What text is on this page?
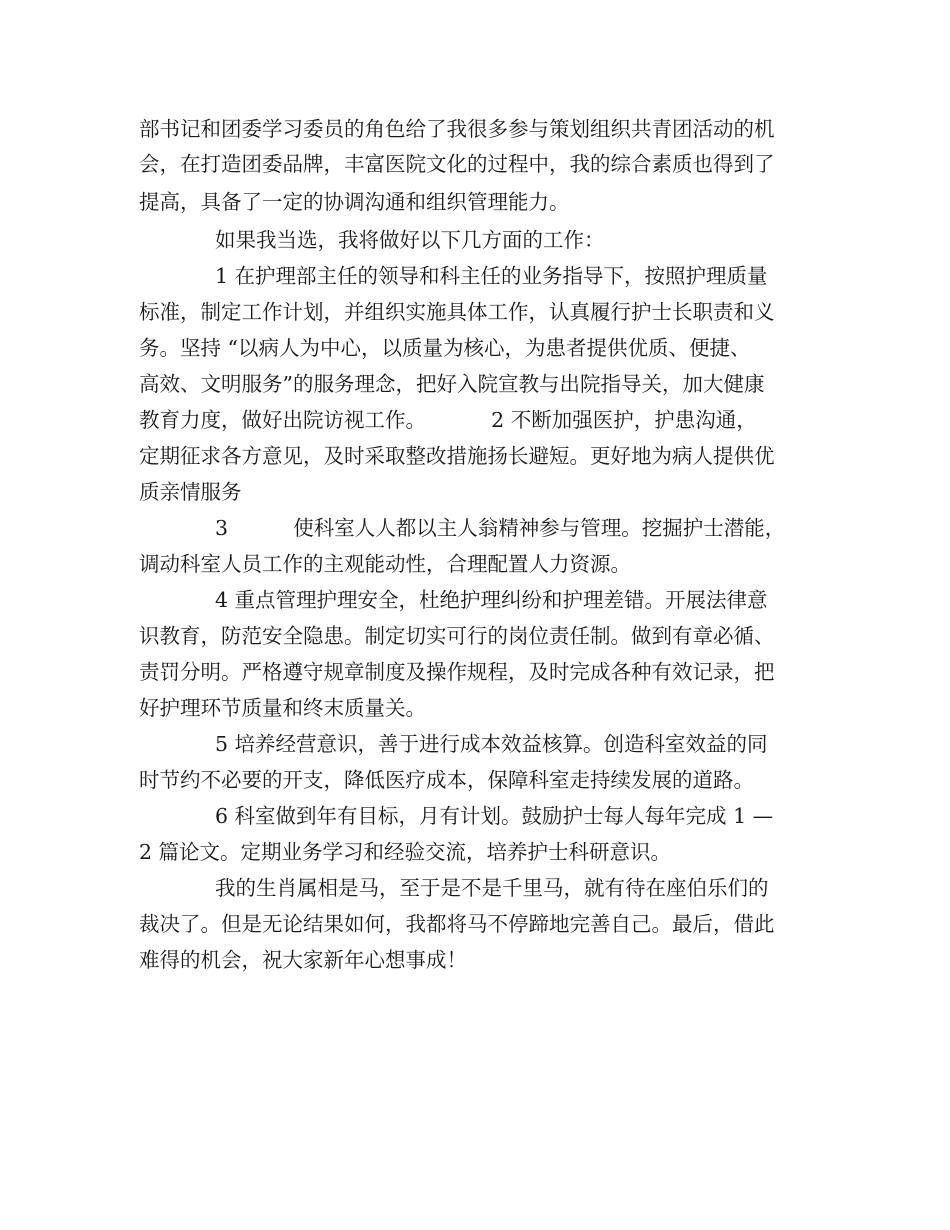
部书记和团委学习委员的角色给了我很多参与策划组织共青团活动的机
会，在打造团委品牌，丰富医院文化的过程中，我的综合素质也得到了
提高，具备了一定的协调沟通和组织管理能力。
如果我当选，我将做好以下几方面的工作：
1 在护理部主任的领导和科主任的业务指导下，按照护理质量
标准，制定工作计划，并组织实施具体工作，认真履行护士长职责和义
务。坚持 “以病人为中心，以质量为核心，为患者提供优质、便捷、
高效、文明服务”的服务理念，把好入院宣教与出院指导关，加大健康
教育力度，做好出院访视工作。          2 不断加强医护，护患沟通，
定期征求各方意见，及时采取整改措施扬长避短。更好地为病人提供优
质亲情服务
3          使科室人人都以主人翁精神参与管理。挖掘护士潜能，
调动科室人员工作的主观能动性，合理配置人力资源。
4 重点管理护理安全，杜绝护理纠纷和护理差错。开展法律意
识教育，防范安全隐患。制定切实可行的岗位责任制。做到有章必循、
责罚分明。严格遵守规章制度及操作规程，及时完成各种有效记录，把
好护理环节质量和终末质量关。
5 培养经营意识，善于进行成本效益核算。创造科室效益的同
时节约不必要的开支，降低医疗成本，保障科室走持续发展的道路。
6 科室做到年有目标，月有计划。鼓励护士每人每年完成 1 —
2 篇论文。定期业务学习和经验交流，培养护士科研意识。
我的生肖属相是马，至于是不是千里马，就有待在座伯乐们的
裁决了。但是无论结果如何，我都将马不停蹄地完善自己。最后，借此
难得的机会，祝大家新年心想事成！
